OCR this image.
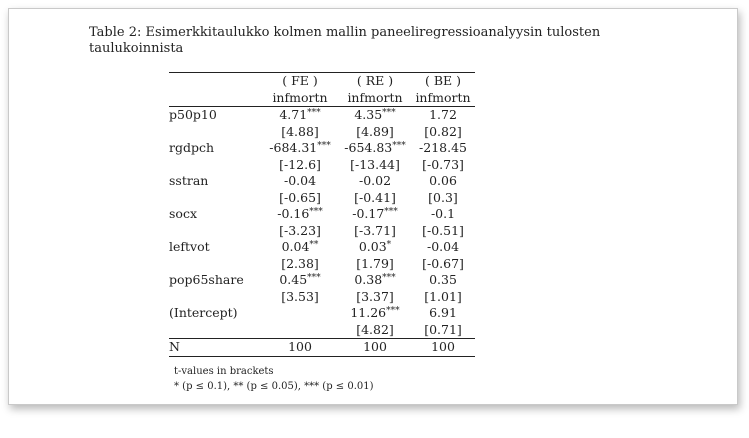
Table 2: Esimerkkitaulukko kolmen mallin paneeliregressioanalyysin tulosten taulukoinnista
	( FE )	( RE )	( BE )
	infmortn	infmortn	infmortn
p50p10	4.71***	4.35***	1.72
	[4.88]	[4.89]	[0.82]
rgdpch	-684.31***	-654.83***	-218.45
	[-12.6]	[-13.44]	[-0.73]
sstran	-0.04	-0.02	0.06
	[-0.65]	[-0.41]	[0.3]
socx	-0.16***	-0.17***	-0.1
	[-3.23]	[-3.71]	[-0.51]
leftvot	0.04**	0.03*	-0.04
	[2.38]	[1.79]	[-0.67]
pop65share	0.45***	0.38***	0.35
	[3.53]	[3.37]	[1.01]
(Intercept)		11.26***	6.91
		[4.82]	[0.71]
N	100	100	100
t-values in brackets
* (p ≤ 0.1), ** (p ≤ 0.05), *** (p ≤ 0.01)
